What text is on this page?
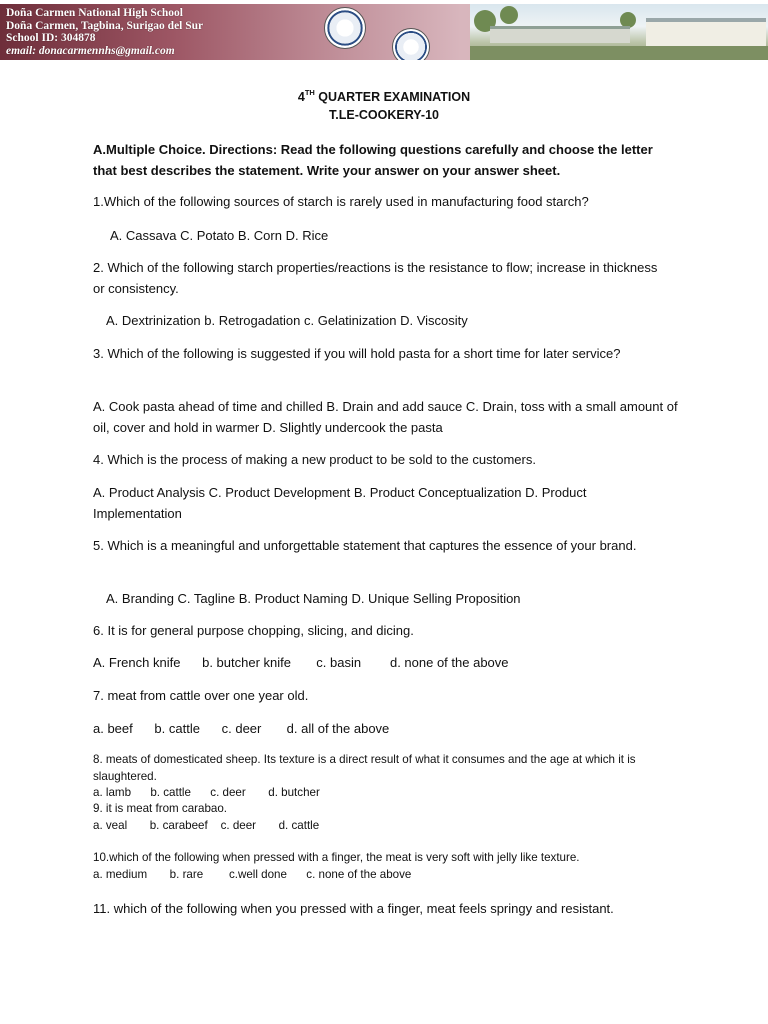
Doña Carmen National High School
Doña Carmen, Tagbina, Surigao del Sur
School ID: 304878
email: donacarmennhs@gmail.com
4TH QUARTER EXAMINATION
T.LE-COOKERY-10
A.Multiple Choice. Directions: Read the following questions carefully and choose the letter that best describes the statement. Write your answer on your answer sheet.
1.Which of the following sources of starch is rarely used in manufacturing food starch?
A. Cassava C. Potato B. Corn D. Rice
2. Which of the following starch properties/reactions is the resistance to flow; increase in thickness or consistency.
A. Dextrinization b. Retrogadation c. Gelatinization D. Viscosity
3. Which of the following is suggested if you will hold pasta for a short time for later service?
A. Cook pasta ahead of time and chilled B. Drain and add sauce C. Drain, toss with a small amount of oil, cover and hold in warmer D. Slightly undercook the pasta
4. Which is the process of making a new product to be sold to the customers.
A. Product Analysis C. Product Development B. Product Conceptualization D. Product Implementation
5. Which is a meaningful and unforgettable statement that captures the essence of your brand.
A. Branding C. Tagline B. Product Naming D. Unique Selling Proposition
6. It is for general purpose chopping, slicing, and dicing.
A. French knife      b. butcher knife       c. basin        d. none of the above
7. meat from cattle over one year old.
a. beef      b. cattle      c. deer       d. all of the above
8. meats of domesticated sheep. Its texture is a direct result of what it consumes and the age at which it is slaughtered.
a. lamb      b. cattle      c. deer       d. butcher
9. it is meat from carabao.
a. veal       b. carabeef    c. deer       d. cattle
10.which of the following when pressed with a finger, the meat is very soft with jelly like texture.
a. medium       b. rare        c.well done      c. none of the above
11. which of the following when you pressed with a finger, meat feels springy and resistant.
